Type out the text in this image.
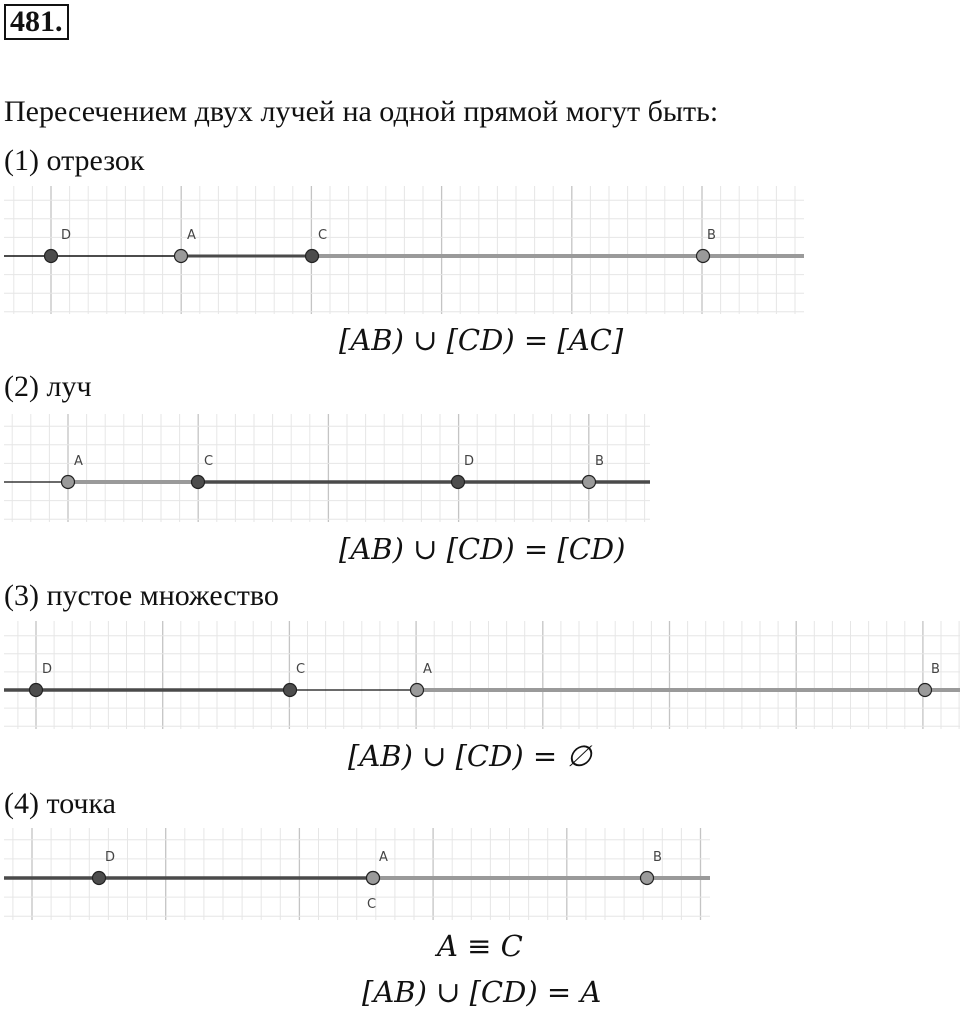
481.
Пересечением двух лучей на одной прямой могут быть:
(1) отрезок
D	A	C	B
[AB) ∪ [CD) = [AC]
(2) луч
A	C	D	B
[AB) ∪ [CD) = [CD)
(3) пустое множество
D	C	A	B
[AB) ∪ [CD) = ∅
(4) точка
D	A
C
B
A ≡ C
[AB) ∪ [CD) = A
